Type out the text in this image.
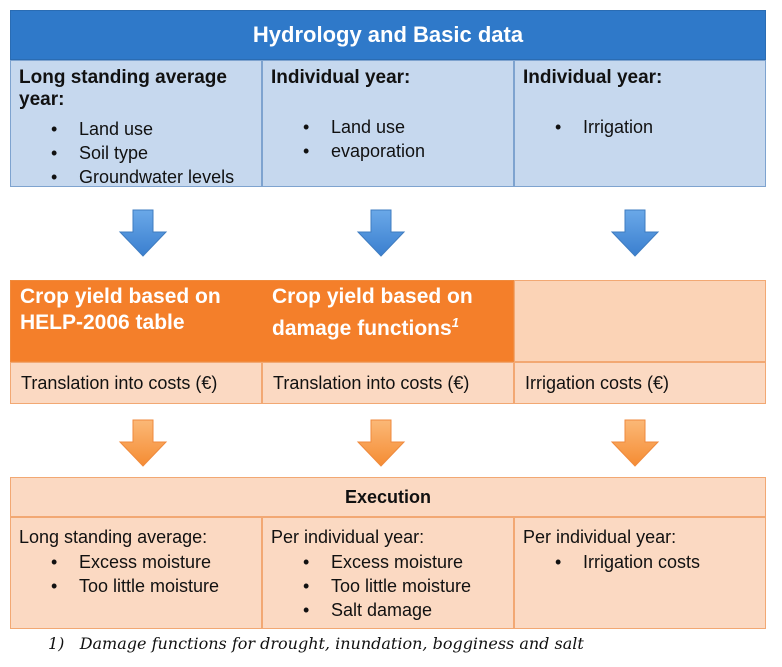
Hydrology and Basic data
Long standing average year:
• Land use
• Soil type
• Groundwater levels
Individual year:
• Land use
• evaporation
Individual year:
• Irrigation
Crop yield based on HELP-2006 table
Crop yield based on damage functions$^1$
Translation into costs (€)	Translation into costs (€)	Irrigation costs (€)
Execution
Long standing average:
• Excess moisture
• Too little moisture
Per individual year:
• Excess moisture
• Too little moisture
• Salt damage
Per individual year:
• Irrigation costs
1) Damage functions for drought, inundation, bogginess and salt
